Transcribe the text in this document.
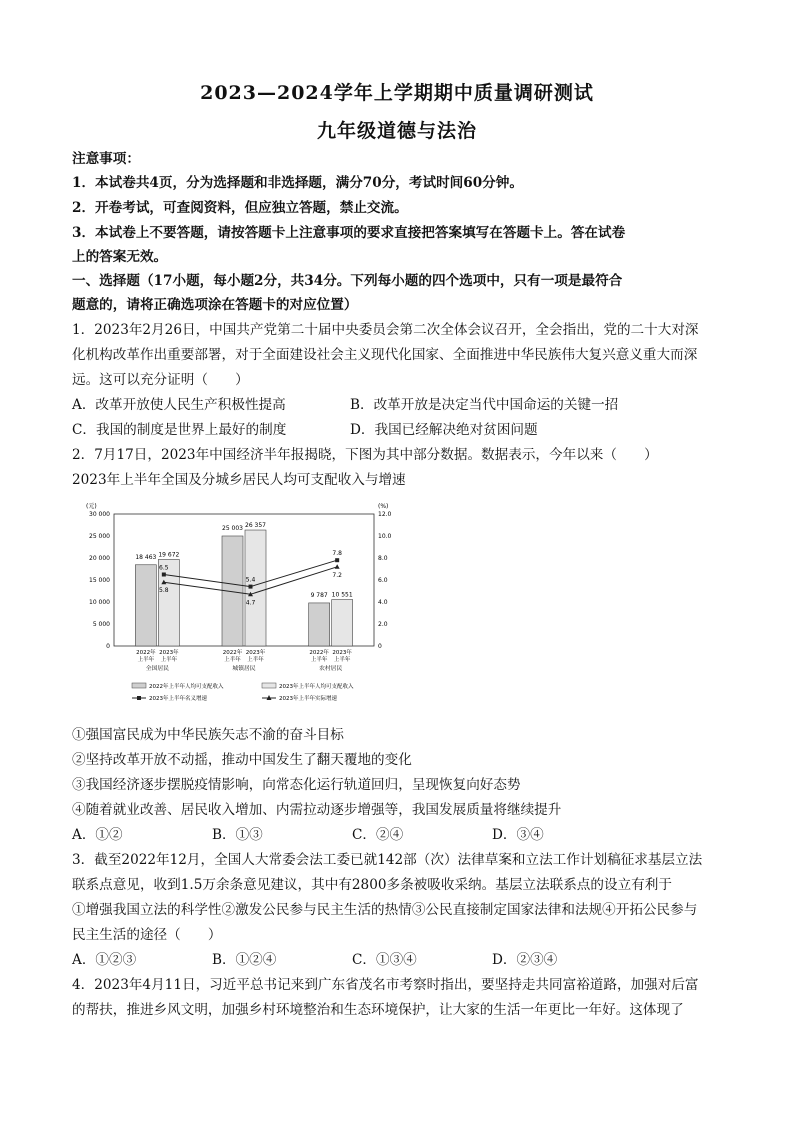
2023—2024学年上学期期中质量调研测试
九年级道德与法治
注意事项：
1．本试卷共4页，分为选择题和非选择题，满分70分，考试时间60分钟。
2．开卷考试，可查阅资料，但应独立答题，禁止交流。
3．本试卷上不要答题，请按答题卡上注意事项的要求直接把答案填写在答题卡上。答在试卷
上的答案无效。
一、选择题（17小题，每小题2分，共34分。下列每小题的四个选项中，只有一项是最符合
题意的，请将正确选项涂在答题卡的对应位置）
1．2023年2月26日，中国共产党第二十届中央委员会第二次全体会议召开，全会指出，党的二十大对深
化机构改革作出重要部署，对于全面建设社会主义现代化国家、全面推进中华民族伟大复兴意义重大而深
远。这可以充分证明（　　）
A．改革开放使人民生产积极性提高	B．改革开放是决定当代中国命运的关键一招
C．我国的制度是世界上最好的制度	D．我国已经解决绝对贫困问题
2．7月17日，2023年中国经济半年报揭晓，下图为其中部分数据。数据表示，今年以来（　　）
2023年上半年全国及分城乡居民人均可支配收入与增速
(元)	(%)
0
5 000
10 000
15 000
20 000
25 000
30 000
0
2.0
4.0
6.0
8.0
10.0
12.0
18 463
2022年
上半年
19 672
2023年
上半年
全国居民
25 003
2022年
上半年
26 357
2023年
上半年
城镇居民
9 787
2022年
上半年
10 551
2023年
上半年
农村居民
6.5
5.4
7.8
5.8
4.7
7.2
2022年上半年人均可支配收入	2023年上半年人均可支配收入
2023年上半年名义增速	2023年上半年实际增速
①强国富民成为中华民族矢志不渝的奋斗目标
②坚持改革开放不动摇，推动中国发生了翻天覆地的变化
③我国经济逐步摆脱疫情影响，向常态化运行轨道回归，呈现恢复向好态势
④随着就业改善、居民收入增加、内需拉动逐步增强等，我国发展质量将继续提升
A．①②	B．①③	C．②④	D．③④
3．截至2022年12月，全国人大常委会法工委已就142部（次）法律草案和立法工作计划稿征求基层立法
联系点意见，收到1.5万余条意见建议，其中有2800多条被吸收采纳。基层立法联系点的设立有利于
①增强我国立法的科学性②激发公民参与民主生活的热情③公民直接制定国家法律和法规④开拓公民参与
民主生活的途径（　　）
A．①②③	B．①②④	C．①③④	D．②③④
4．2023年4月11日，习近平总书记来到广东省茂名市考察时指出，要坚持走共同富裕道路，加强对后富
的帮扶，推进乡风文明，加强乡村环境整治和生态环境保护，让大家的生活一年更比一年好。这体现了
